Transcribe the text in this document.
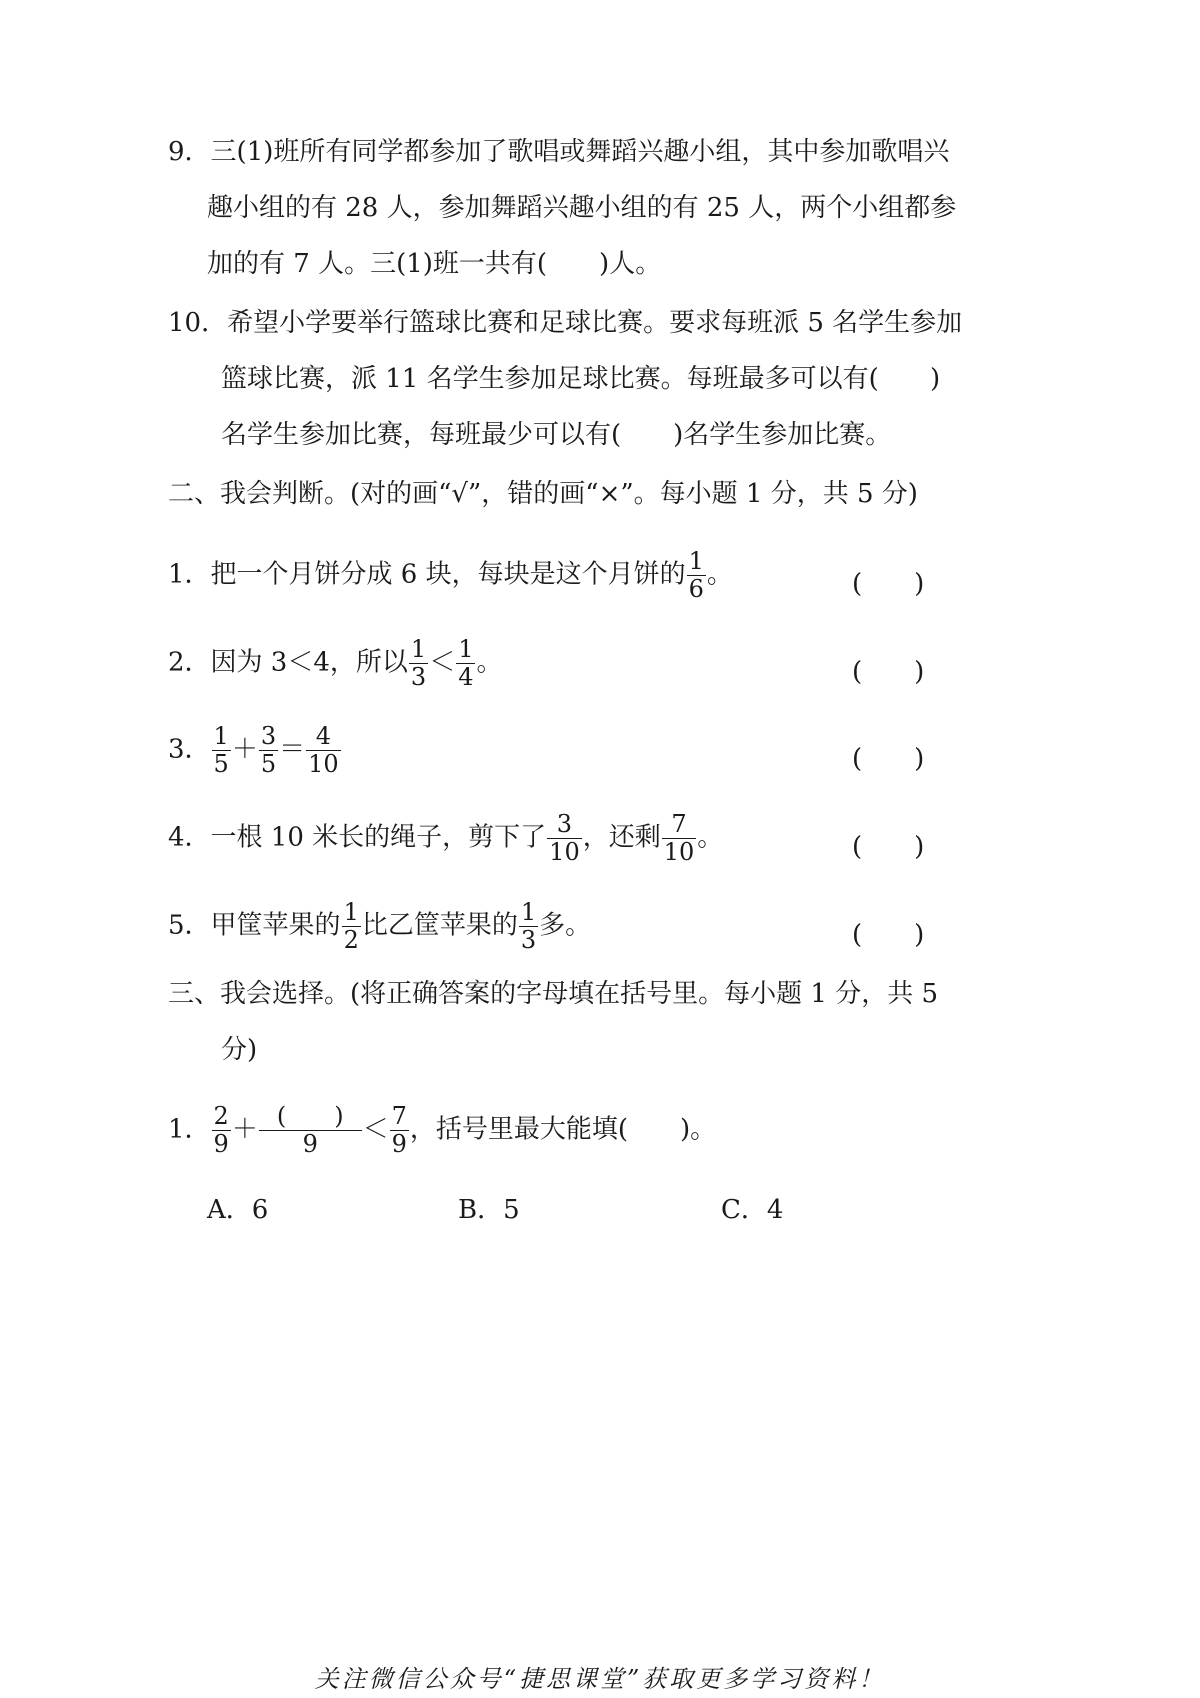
9．三(1)班所有同学都参加了歌唱或舞蹈兴趣小组，其中参加歌唱兴
趣小组的有 28 人，参加舞蹈兴趣小组的有 25 人，两个小组都参
加的有 7 人。三(1)班一共有(　　)人。
10．希望小学要举行篮球比赛和足球比赛。要求每班派 5 名学生参加
篮球比赛，派 11 名学生参加足球比赛。每班最多可以有( )
名学生参加比赛，每班最少可以有(　　)名学生参加比赛。
二、我会判断。(对的画“√”，错的画“×”。每小题 1 分，共 5 分)
1．把一个月饼分成 6 块，每块是这个月饼的 $\frac{1}{6}$ 。	(　　)
2．因为 3＜4，所以 $\frac{1}{3} < \frac{1}{4}$ 。	(　　)
3． $\frac{1}{5} + \frac{3}{5} = \frac{4}{10}$	(　　)
4．一根 10 米长的绳子，剪下了 $\frac{3}{10}$ ，还剩 $\frac{7}{10}$ 。	(　　)
5．甲筐苹果的 $\frac{1}{2}$ 比乙筐苹果的 $\frac{1}{3}$ 多。	(　　)
三、我会选择。(将正确答案的字母填在括号里。每小题 1 分，共 5
分)
1． $\frac{2}{9} + \frac{( )}{9} < \frac{7}{9}$ ，括号里最大能填(　　)。
A．6	B．5	C．4
关注微信公众号“捷思课堂”获取更多学习资料！
